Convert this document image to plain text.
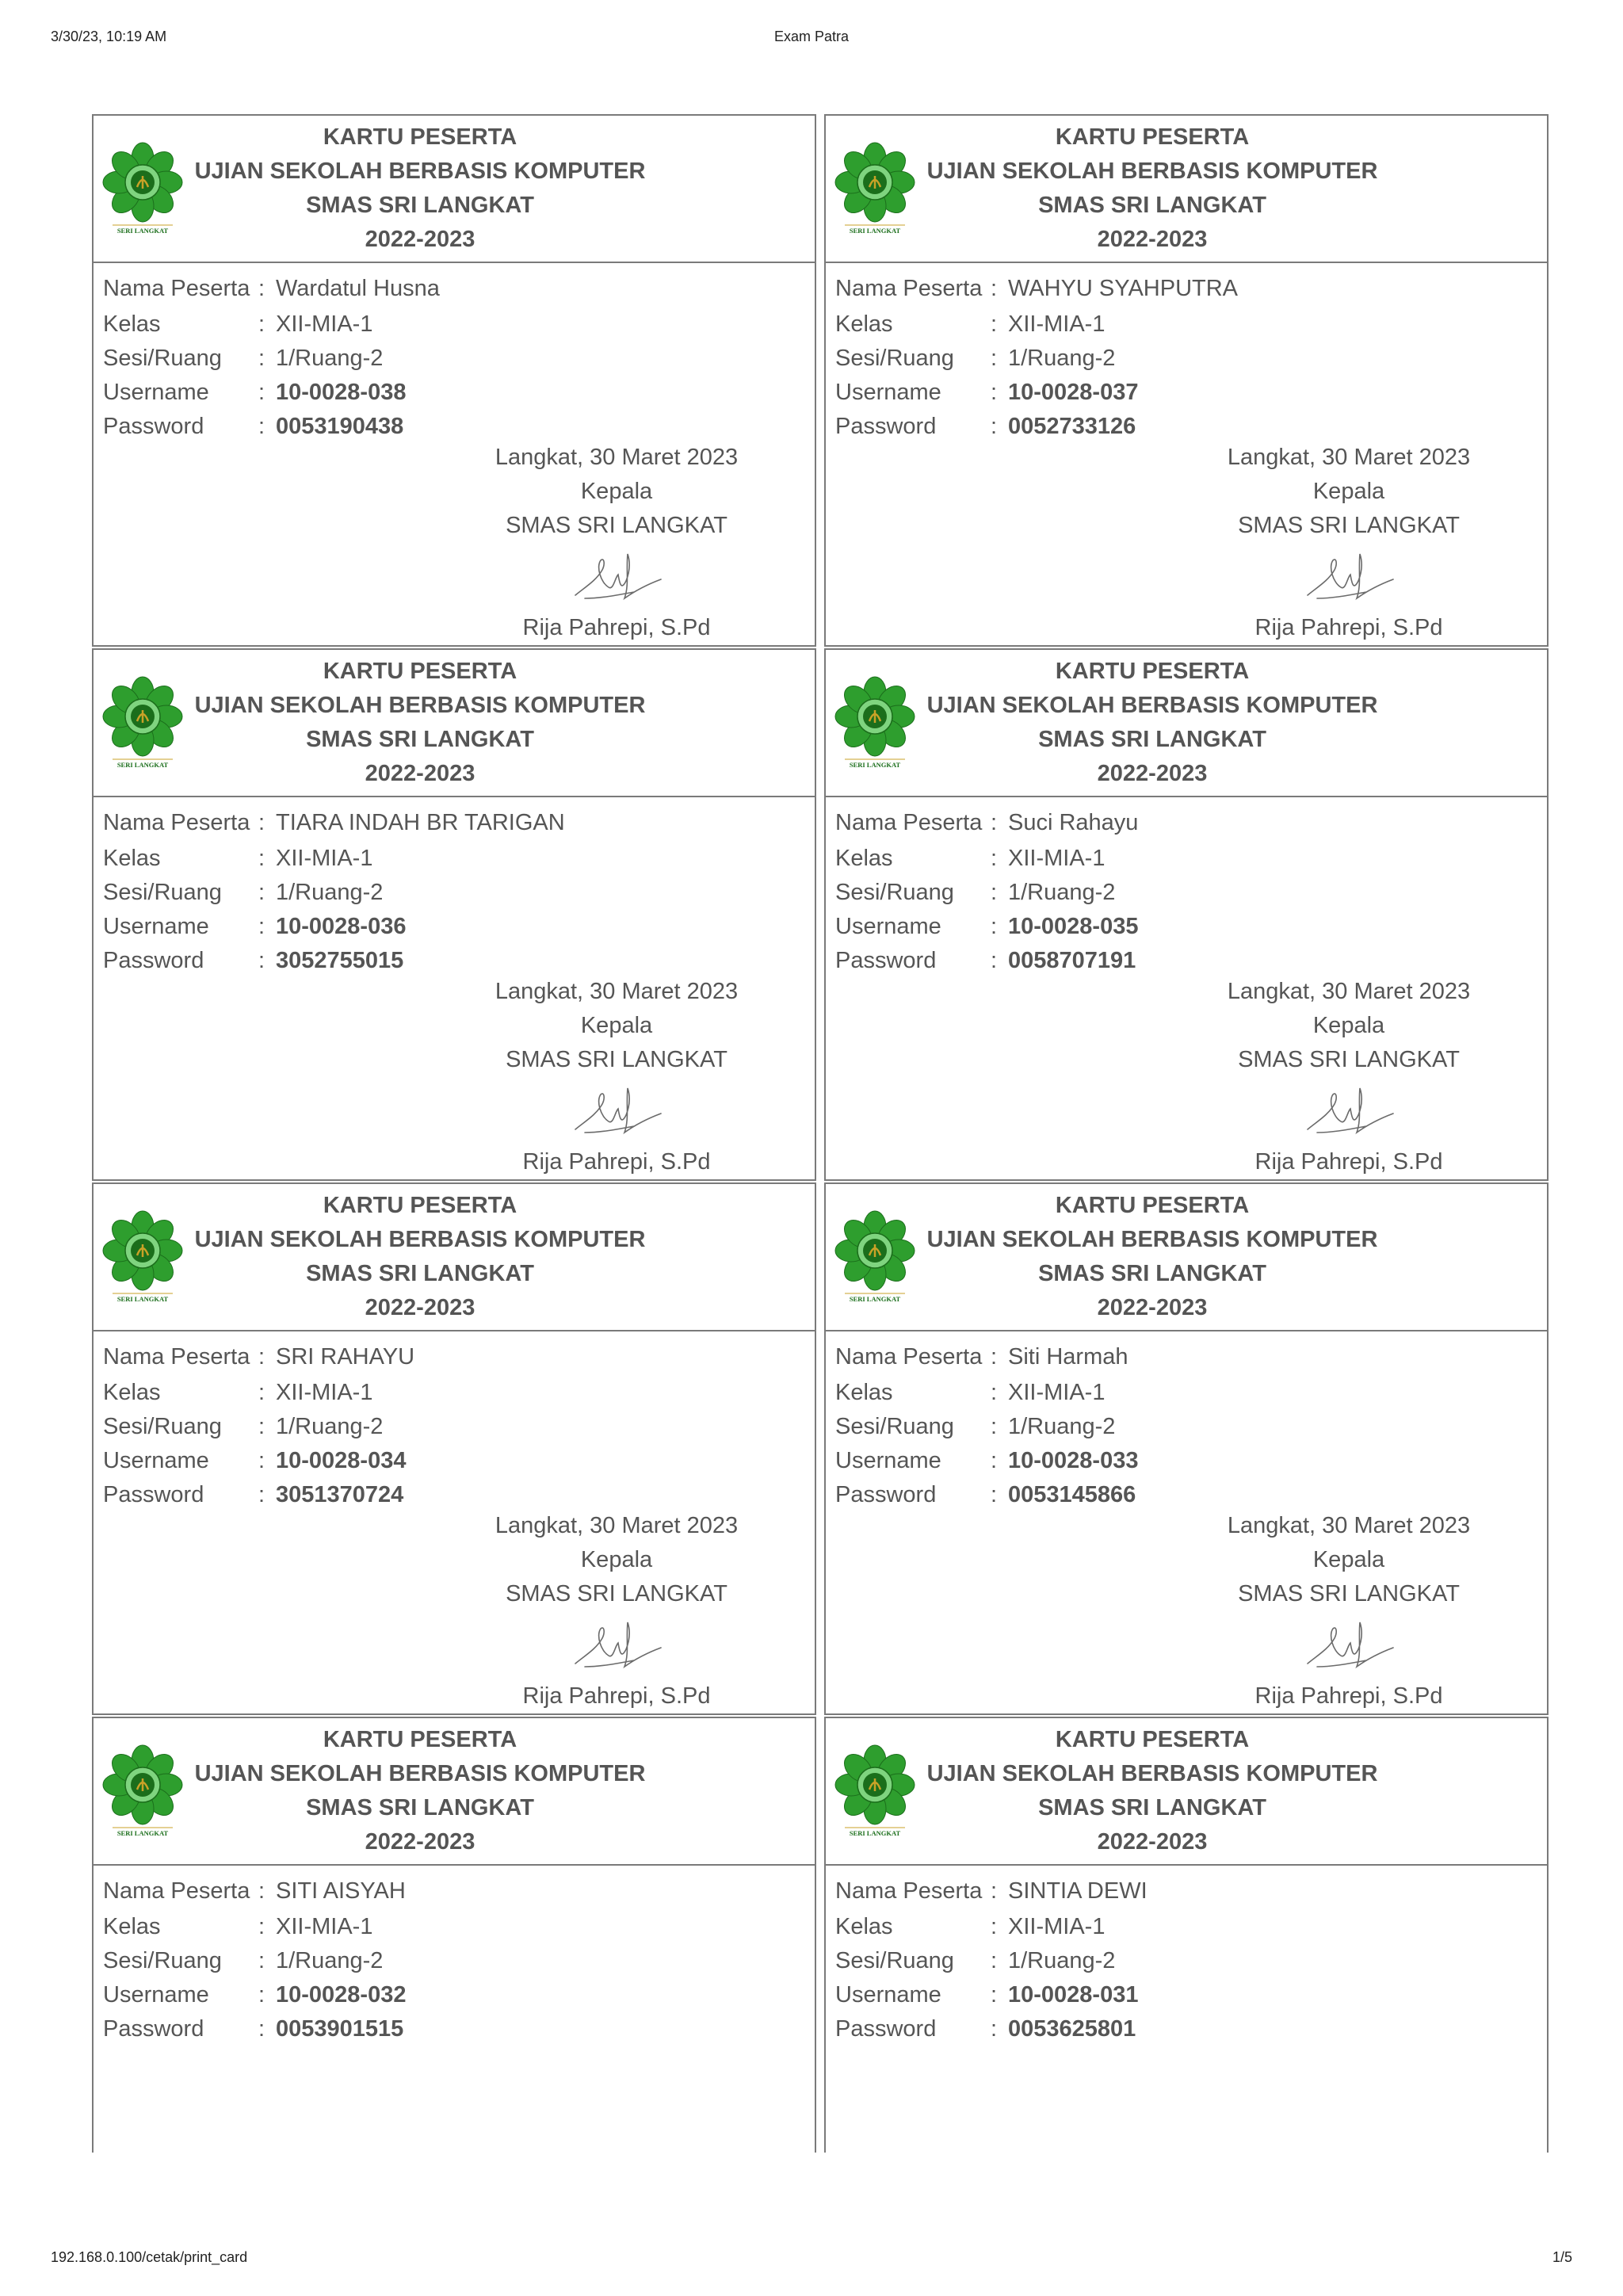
3/30/23, 10:19 AM	Exam Patra
SERI LANGKAT
KARTU PESERTA
UJIAN SEKOLAH BERBASIS KOMPUTER
SMAS SRI LANGKAT
2022-2023
Nama Peserta : Wardatul Husna
Kelas	: XII-MIA-1
Sesi/Ruang	: 1/Ruang-2
Username	: 10-0028-038
Password	: 0053190438
Langkat, 30 Maret 2023
Kepala
SMAS SRI LANGKAT
Rija Pahrepi, S.Pd
SERI LANGKAT
KARTU PESERTA
UJIAN SEKOLAH BERBASIS KOMPUTER
SMAS SRI LANGKAT
2022-2023
Nama Peserta : WAHYU SYAHPUTRA
Kelas	: XII-MIA-1
Sesi/Ruang	: 1/Ruang-2
Username	: 10-0028-037
Password	: 0052733126
Langkat, 30 Maret 2023
Kepala
SMAS SRI LANGKAT
Rija Pahrepi, S.Pd
SERI LANGKAT
KARTU PESERTA
UJIAN SEKOLAH BERBASIS KOMPUTER
SMAS SRI LANGKAT
2022-2023
Nama Peserta : TIARA INDAH BR TARIGAN
Kelas	: XII-MIA-1
Sesi/Ruang	: 1/Ruang-2
Username	: 10-0028-036
Password	: 3052755015
Langkat, 30 Maret 2023
Kepala
SMAS SRI LANGKAT
Rija Pahrepi, S.Pd
SERI LANGKAT
KARTU PESERTA
UJIAN SEKOLAH BERBASIS KOMPUTER
SMAS SRI LANGKAT
2022-2023
Nama Peserta : Suci Rahayu
Kelas	: XII-MIA-1
Sesi/Ruang	: 1/Ruang-2
Username	: 10-0028-035
Password	: 0058707191
Langkat, 30 Maret 2023
Kepala
SMAS SRI LANGKAT
Rija Pahrepi, S.Pd
SERI LANGKAT
KARTU PESERTA
UJIAN SEKOLAH BERBASIS KOMPUTER
SMAS SRI LANGKAT
2022-2023
Nama Peserta : SRI RAHAYU
Kelas	: XII-MIA-1
Sesi/Ruang	: 1/Ruang-2
Username	: 10-0028-034
Password	: 3051370724
Langkat, 30 Maret 2023
Kepala
SMAS SRI LANGKAT
Rija Pahrepi, S.Pd
SERI LANGKAT
KARTU PESERTA
UJIAN SEKOLAH BERBASIS KOMPUTER
SMAS SRI LANGKAT
2022-2023
Nama Peserta : Siti Harmah
Kelas	: XII-MIA-1
Sesi/Ruang	: 1/Ruang-2
Username	: 10-0028-033
Password	: 0053145866
Langkat, 30 Maret 2023
Kepala
SMAS SRI LANGKAT
Rija Pahrepi, S.Pd
SERI LANGKAT
KARTU PESERTA
UJIAN SEKOLAH BERBASIS KOMPUTER
SMAS SRI LANGKAT
2022-2023
Nama Peserta : SITI AISYAH
Kelas	: XII-MIA-1
Sesi/Ruang	: 1/Ruang-2
Username	: 10-0028-032
Password	: 0053901515
SERI LANGKAT
KARTU PESERTA
UJIAN SEKOLAH BERBASIS KOMPUTER
SMAS SRI LANGKAT
2022-2023
Nama Peserta : SINTIA DEWI
Kelas	: XII-MIA-1
Sesi/Ruang	: 1/Ruang-2
Username	: 10-0028-031
Password	: 0053625801
192.168.0.100/cetak/print_card	1/5
